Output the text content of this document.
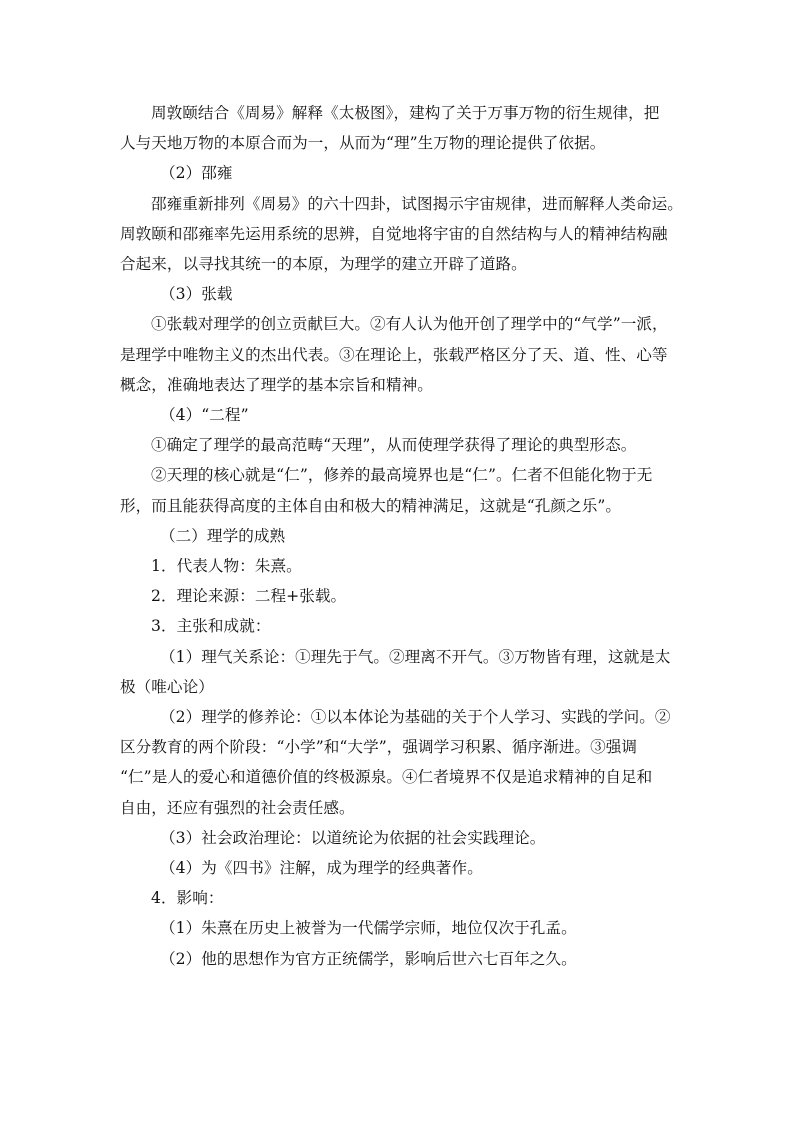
周敦颐结合《周易》解释《太极图》，建构了关于万事万物的衍生规律，把

人与天地万物的本原合而为一，从而为“理”生万物的理论提供了依据。

（2）邵雍

邵雍重新排列《周易》的六十四卦，试图揭示宇宙规律，进而解释人类命运。

周敦颐和邵雍率先运用系统的思辨，自觉地将宇宙的自然结构与人的精神结构融

合起来，以寻找其统一的本原，为理学的建立开辟了道路。

（3）张载

①张载对理学的创立贡献巨大。②有人认为他开创了理学中的“气学”一派，

是理学中唯物主义的杰出代表。③在理论上，张载严格区分了天、道、性、心等

概念，准确地表达了理学的基本宗旨和精神。

（4）“二程”

①确定了理学的最高范畴“天理”，从而使理学获得了理论的典型形态。

②天理的核心就是“仁”，修养的最高境界也是“仁”。仁者不但能化物于无

形，而且能获得高度的主体自由和极大的精神满足，这就是“孔颜之乐”。

（二）理学的成熟

1．代表人物：朱熹。

2．理论来源：二程+张载。

3．主张和成就：

（1）理气关系论：①理先于气。②理离不开气。③万物皆有理，这就是太

极（唯心论）

（2）理学的修养论：①以本体论为基础的关于个人学习、实践的学问。②

区分教育的两个阶段：“小学”和“大学”，强调学习积累、循序渐进。③强调

“仁”是人的爱心和道德价值的终极源泉。④仁者境界不仅是追求精神的自足和

自由，还应有强烈的社会责任感。

（3）社会政治理论：以道统论为依据的社会实践理论。

（4）为《四书》注解，成为理学的经典著作。

4．影响：

（1）朱熹在历史上被誉为一代儒学宗师，地位仅次于孔孟。

（2）他的思想作为官方正统儒学，影响后世六七百年之久。
